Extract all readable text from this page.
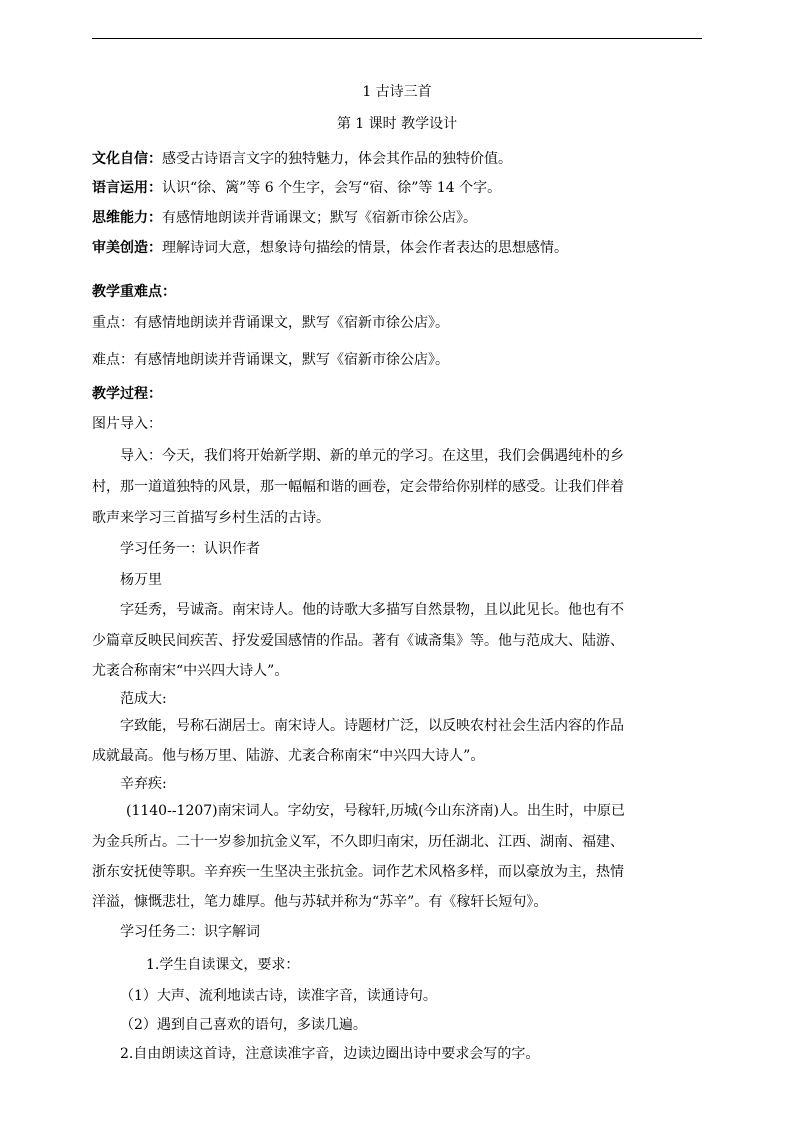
1 古诗三首
第 1 课时 教学设计
文化自信：感受古诗语言文字的独特魅力，体会其作品的独特价值。
语言运用：认识“徐、篱”等 6 个生字，会写“宿、徐”等 14 个字。
思维能力：有感情地朗读并背诵课文；默写《宿新市徐公店》。
审美创造：理解诗词大意，想象诗句描绘的情景，体会作者表达的思想感情。
教学重难点：
重点：有感情地朗读并背诵课文，默写《宿新市徐公店》。
难点：有感情地朗读并背诵课文，默写《宿新市徐公店》。
教学过程：
图片导入：
导入：今天，我们将开始新学期、新的单元的学习。在这里，我们会偶遇纯朴的乡
村，那一道道独特的风景，那一幅幅和谐的画卷，定会带给你别样的感受。让我们伴着
歌声来学习三首描写乡村生活的古诗。
学习任务一：认识作者
杨万里
字廷秀，号诚斋。南宋诗人。他的诗歌大多描写自然景物，且以此见长。他也有不
少篇章反映民间疾苦、抒发爱国感情的作品。著有《诚斋集》等。他与范成大、陆游、
尤袤合称南宋“中兴四大诗人”。
范成大:
字致能，号称石湖居士。南宋诗人。诗题材广泛，以反映农村社会生活内容的作品
成就最高。他与杨万里、陆游、尤袤合称南宋“中兴四大诗人”。
辛弃疾:
(1140--1207)南宋词人。字幼安，号稼轩,历城(今山东济南)人。出生时，中原已
为金兵所占。二十一岁参加抗金义军，不久即归南宋，历任湖北、江西、湖南、福建、
浙东安抚使等职。辛弃疾一生坚决主张抗金。词作艺术风格多样，而以豪放为主，热情
洋溢，慷慨悲壮，笔力雄厚。他与苏轼并称为“苏辛”。有《稼轩长短句》。
学习任务二：识字解词
1.学生自读课文，要求：
（1）大声、流利地读古诗，读准字音，读通诗句。
（2）遇到自己喜欢的语句，多读几遍。
2.自由朗读这首诗，注意读准字音，边读边圈出诗中要求会写的字。
